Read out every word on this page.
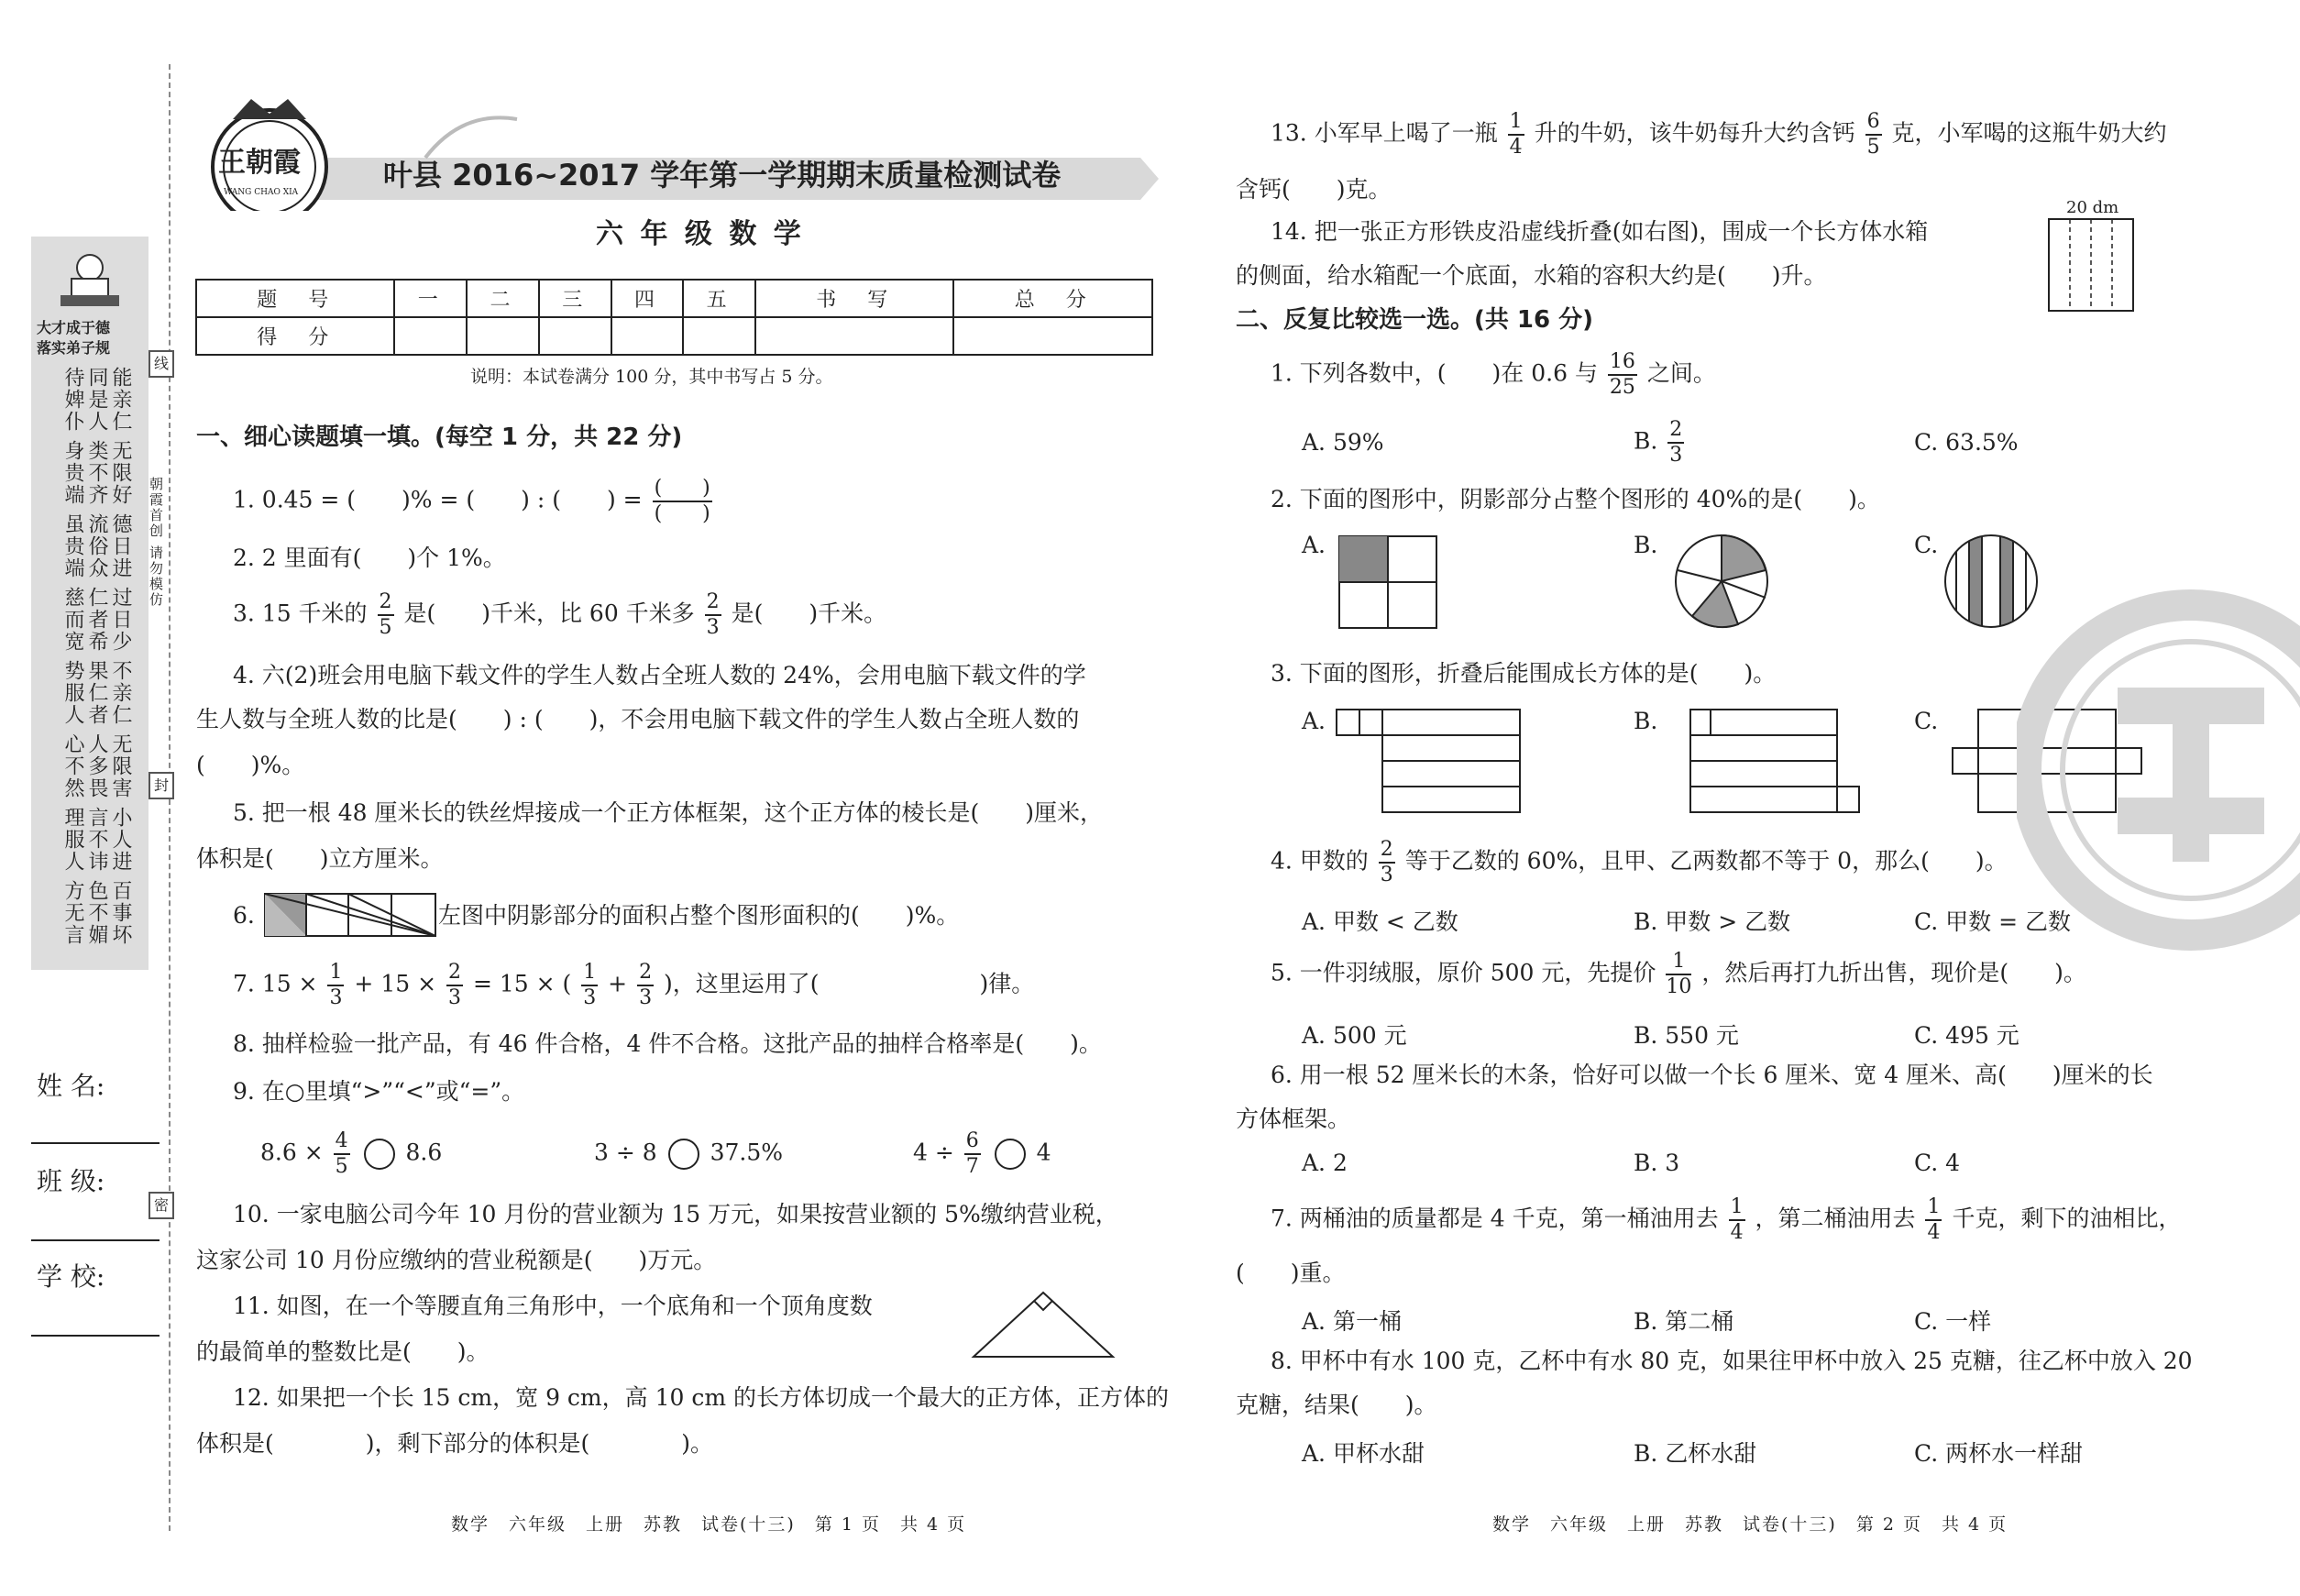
大才成于德
落实弟子规
能亲仁
同是人
待婢仆
无限好
类不齐
身贵端
德日进
流俗众
虽贵端
过日少
仁者希
慈而宽
不亲仁
果仁者
势服人
无限害
人多畏
心不然
小人进
言不讳
理服人
百事坏
色不媚
方无言
线
朝霞首创 请勿模仿
封
密
姓 名:
班 级:
学 校:
王朝霞
WANG CHAO XIA	叶县 2016~2017 学年第一学期期末质量检测试卷
六 年 级 数 学
题　号	一	二	三	四	五	书　写	总　分
得　分							
说明：本试卷满分 100 分，其中书写占 5 分。
一、细心读题填一填。(每空 1 分，共 22 分)
1. 0.45 = (　　)% = (　　) : (　　) = $\frac{( )}{( )}$
2. 2 里面有(　　)个 1%。
3. 15 千米的 $\frac{2}{5}$ 是(　　)千米，比 60 千米多 $\frac{2}{3}$ 是(　　)千米。
4. 六(2)班会用电脑下载文件的学生人数占全班人数的 24%，会用电脑下载文件的学
生人数与全班人数的比是(　　) : (　　)，不会用电脑下载文件的学生人数占全班人数的
(　　)%。
5. 把一根 48 厘米长的铁丝焊接成一个正方体框架，这个正方体的棱长是(　　)厘米，
体积是(　　)立方厘米。
6.	左图中阴影部分的面积占整个图形面积的(　　)%。
7. $15 \times \frac{1}{3} + 15 \times \frac{2}{3} = 15$ × ( $\frac{1}{3} + \frac{2}{3}$ )，这里运用了(　　　　　　　)律。
8. 抽样检验一批产品，有 46 件合格，4 件不合格。这批产品的抽样合格率是(　　)。
9. 在○里填“>”“<”或“=”。
$8.6 \times \frac{4}{5} 8.6$	3 ÷ 8 37.5%	$4 \div \frac{6}{7} 4$
10. 一家电脑公司今年 10 月份的营业额为 15 万元，如果按营业额的 5%缴纳营业税，
这家公司 10 月份应缴纳的营业税额是(　　)万元。
11. 如图，在一个等腰直角三角形中，一个底角和一个顶角度数
的最简单的整数比是(　　)。
12. 如果把一个长 15 cm，宽 9 cm，高 10 cm 的长方体切成一个最大的正方体，正方体的
体积是(　　　　)，剩下部分的体积是(　　　　)。
数学　六年级　上册　苏教　试卷(十三)　第 1 页　共 4 页
13. 小军早上喝了一瓶 $\frac{1}{4}$ 升的牛奶，该牛奶每升大约含钙 $\frac{6}{5}$ 克，小军喝的这瓶牛奶大约
含钙(　　)克。
14. 把一张正方形铁皮沿虚线折叠(如右图)，围成一个长方体水箱
的侧面，给水箱配一个底面，水箱的容积大约是(　　)升。
20 dm
二、反复比较选一选。(共 16 分)
1. 下列各数中，(　　)在 0.6 与 $\frac{16}{25}$ 之间。
A. 59%	B. $\frac{2}{3}$	C. 63.5%
2. 下面的图形中，阴影部分占整个图形的 40%的是(　　)。
A.	B.	C.
3. 下面的图形，折叠后能围成长方体的是(　　)。
A.	B.	C.
4. 甲数的 $\frac{2}{3}$ 等于乙数的 60%，且甲、乙两数都不等于 0，那么(　　)。
A. 甲数 < 乙数	B. 甲数 > 乙数	C. 甲数 = 乙数
5. 一件羽绒服，原价 500 元，先提价 $\frac{1}{10}$ ，然后再打九折出售，现价是(　　)。
A. 500 元	B. 550 元	C. 495 元
6. 用一根 52 厘米长的木条，恰好可以做一个长 6 厘米、宽 4 厘米、高(　　)厘米的长
方体框架。
A. 2	B. 3	C. 4
7. 两桶油的质量都是 4 千克，第一桶油用去 $\frac{1}{4}$ ，第二桶油用去 $\frac{1}{4}$ 千克，剩下的油相比，
(　　)重。
A. 第一桶	B. 第二桶	C. 一样
8. 甲杯中有水 100 克，乙杯中有水 80 克，如果往甲杯中放入 25 克糖，往乙杯中放入 20
克糖，结果(　　)。
A. 甲杯水甜	B. 乙杯水甜	C. 两杯水一样甜
数学　六年级　上册　苏教　试卷(十三)　第 2 页　共 4 页
